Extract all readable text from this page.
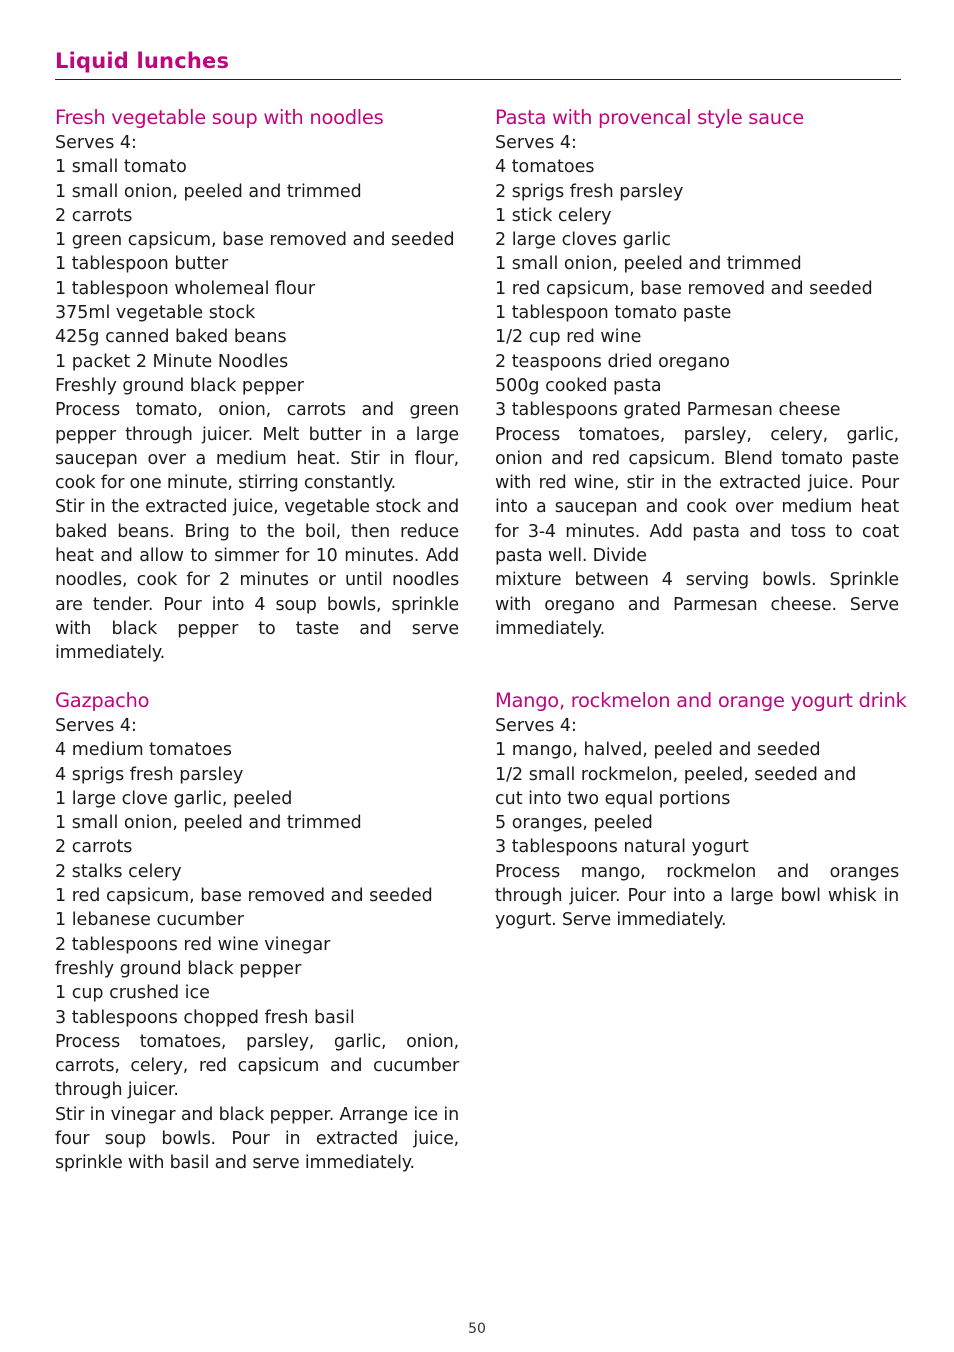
Liquid lunches
Fresh vegetable soup with noodles

Serves 4:

1 small tomato
1 small onion, peeled and trimmed
2 carrots
1 green capsicum, base removed and seeded
1 tablespoon butter
1 tablespoon wholemeal flour
375ml vegetable stock
425g canned baked beans
1 packet 2 Minute Noodles
Freshly ground black pepper

Process tomato, onion, carrots and green pepper through juicer. Melt butter in a large saucepan over a medium heat. Stir in flour, cook for one minute, stirring constantly.

Stir in the extracted juice, vegetable stock and baked beans. Bring to the boil, then reduce heat and allow to simmer for 10 minutes. Add noodles, cook for 2 minutes or until noodles are tender. Pour into 4 soup bowls, sprinkle with black pepper to taste and serve immediately.

Pasta with provencal style sauce

Serves 4:

4 tomatoes
2 sprigs fresh parsley
1 stick celery
2 large cloves garlic
1 small onion, peeled and trimmed
1 red capsicum, base removed and seeded
1 tablespoon tomato paste
1/2 cup red wine
2 teaspoons dried oregano
500g cooked pasta
3 tablespoons grated Parmesan cheese

Process tomatoes, parsley, celery, garlic, onion and red capsicum. Blend tomato paste with red wine, stir in the extracted juice. Pour into a saucepan and cook over medium heat for 3-4 minutes. Add pasta and toss to coat pasta well. Divide

mixture between 4 serving bowls. Sprinkle with oregano and Parmesan cheese. Serve immediately.

Gazpacho

Serves 4:

4 medium tomatoes
4 sprigs fresh parsley
1 large clove garlic, peeled
1 small onion, peeled and trimmed
2 carrots
2 stalks celery
1 red capsicum, base removed and seeded
1 lebanese cucumber
2 tablespoons red wine vinegar
freshly ground black pepper
1 cup crushed ice
3 tablespoons chopped fresh basil

Process tomatoes, parsley, garlic, onion, carrots, celery, red capsicum and cucumber through juicer.

Stir in vinegar and black pepper. Arrange ice in four soup bowls. Pour in extracted juice, sprinkle with basil and serve immediately.

Mango, rockmelon and orange yogurt drink

Serves 4:

1 mango, halved, peeled and seeded
1/2 small rockmelon, peeled, seeded and
cut into two equal portions
5 oranges, peeled
3 tablespoons natural yogurt

Process mango, rockmelon and oranges through juicer. Pour into a large bowl whisk in yogurt. Serve immediately.

50
